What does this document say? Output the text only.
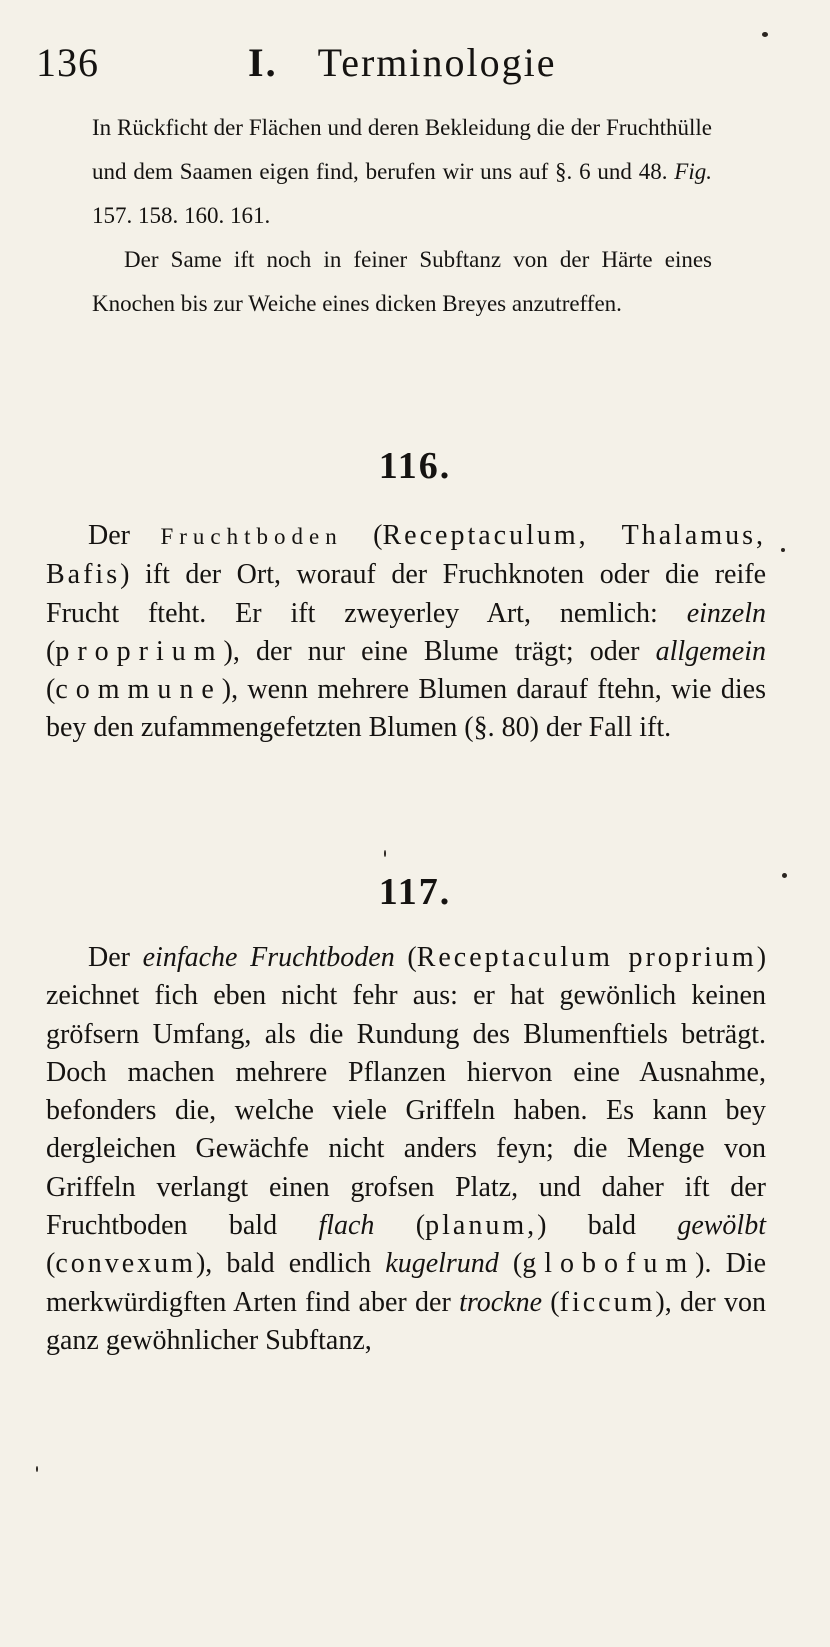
136	I. Terminologie

In Rückficht der Flächen und deren Bekleidung die der Fruchthülle und dem Saamen eigen find, berufen wir uns auf §. 6 und 48. Fig. 157. 158. 160. 161.

Der Same ift noch in feiner Subftanz von der Härte eines Knochen bis zur Weiche eines dicken Breyes anzutreffen.

116.

Der Fruchtboden (Receptaculum, Thalamus, Bafis) ift der Ort, worauf der Fruchknoten oder die reife Frucht fteht. Er ift zweyerley Art, nemlich: einzeln (proprium), der nur eine Blume trägt; oder allgemein (commune), wenn mehrere Blumen darauf ftehn, wie dies bey den zufammengefetzten Blumen (§. 80) der Fall ift.

117.

Der einfache Fruchtboden (Receptaculum proprium) zeichnet fich eben nicht fehr aus: er hat gewönlich keinen gröfsern Umfang, als die Rundung des Blumenftiels beträgt. Doch machen mehrere Pflanzen hiervon eine Ausnahme, befonders die, welche viele Griffeln haben. Es kann bey dergleichen Gewächfe nicht anders feyn; die Menge von Griffeln verlangt einen grofsen Platz, und daher ift der Fruchtboden bald flach (planum,) bald gewölbt (convexum), bald endlich kugelrund (globofum). Die merkwürdigften Arten find aber der trockne (ficcum), der von ganz gewöhnlicher Subftanz,
